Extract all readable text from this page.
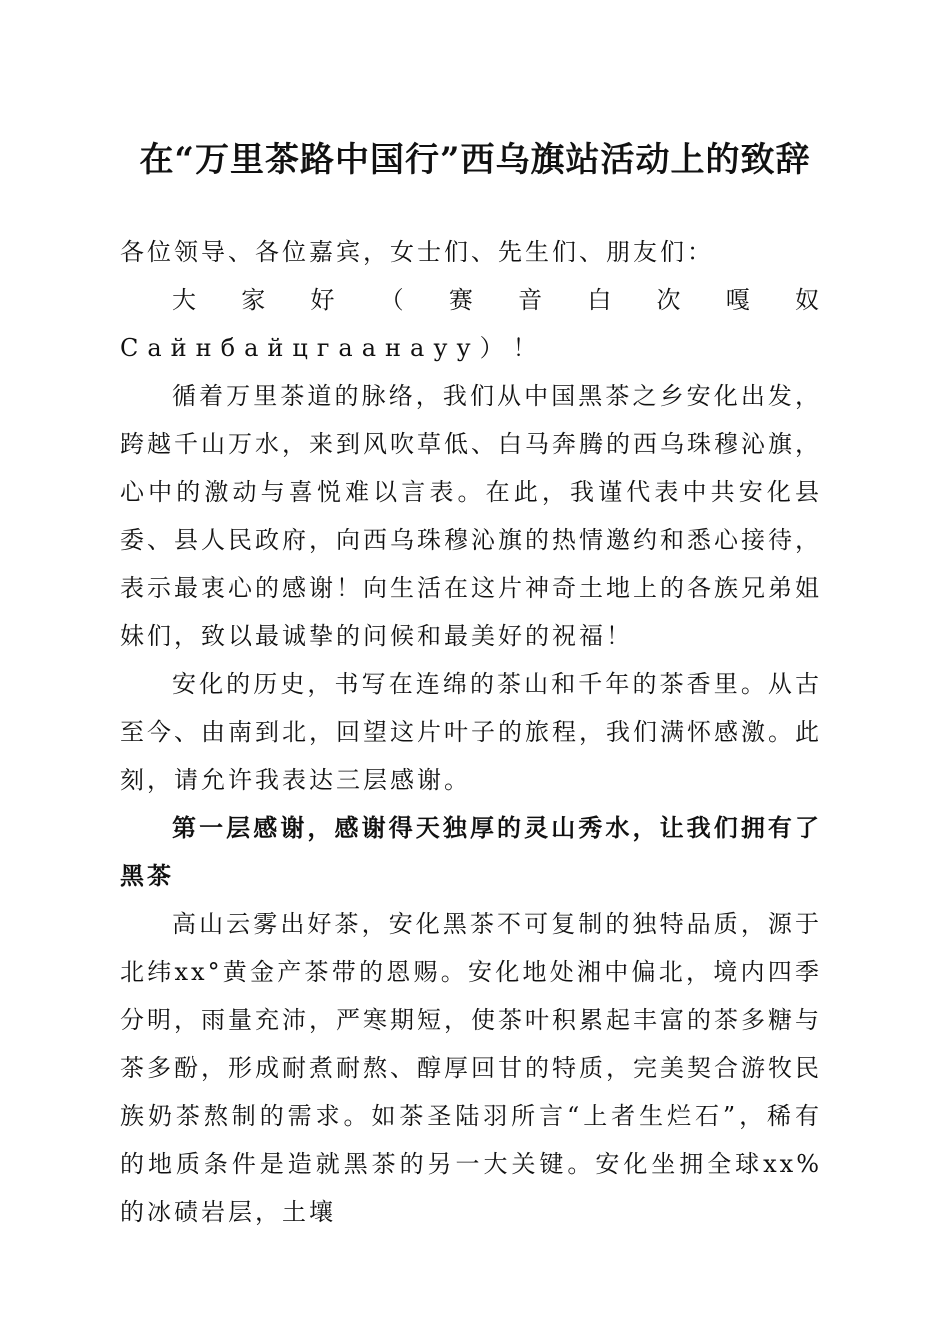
在“万里茶路中国行”西乌旗站活动上的致辞

各位领导、各位嘉宾，女士们、先生们、朋友们：

大 家 好 （ 赛 音 白 次 嘎 奴

Сайнбайцгаанауу）！

循着万里茶道的脉络，我们从中国黑茶之乡安化出发，跨越千山万水，来到风吹草低、白马奔腾的西乌珠穆沁旗，心中的激动与喜悦难以言表。在此，我谨代表中共安化县委、县人民政府，向西乌珠穆沁旗的热情邀约和悉心接待，表示最衷心的感谢！向生活在这片神奇土地上的各族兄弟姐妹们，致以最诚挚的问候和最美好的祝福！

安化的历史，书写在连绵的茶山和千年的茶香里。从古至今、由南到北，回望这片叶子的旅程，我们满怀感激。此刻，请允许我表达三层感谢。

第一层感谢，感谢得天独厚的灵山秀水，让我们拥有了黑茶

高山云雾出好茶，安化黑茶不可复制的独特品质，源于北纬xx°黄金产茶带的恩赐。安化地处湘中偏北，境内四季分明，雨量充沛，严寒期短，使茶叶积累起丰富的茶多糖与茶多酚，形成耐煮耐熬、醇厚回甘的特质，完美契合游牧民族奶茶熬制的需求。如茶圣陆羽所言“上者生烂石”，稀有的地质条件是造就黑茶的另一大关键。安化坐拥全球xx%的冰碛岩层，土壤
